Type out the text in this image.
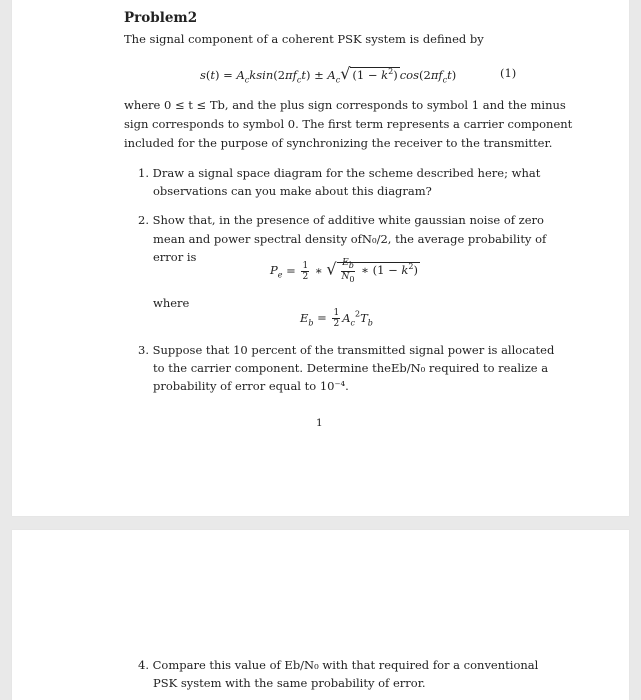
Problem2
The signal component of a coherent PSK system is defined by
$s(t) = A_cksin(2\pi f_ct) \pm A_c√$ $(1 - k^2)$ $\cos(2\pi f_ct)$	(1)
where 0 ≤ t ≤ Tb, and the plus sign corresponds to symbol 1 and the minus
sign corresponds to symbol 0. The first term represents a carrier component
included for the purpose of synchronizing the receiver to the transmitter.
1. Draw a signal space diagram for the scheme described here; what
observations can you make about this diagram?
2. Show that, in the presence of additive white gaussian noise of zero
mean and power spectral density ofN₀/2, the average probability of
error is
$P_e = \frac{1}{2}$ ∗ √ $\frac{E_b}{N_0}$ ∗ $(1 - k^2)$
where
$E_b = \frac{1}{2} A_c^2T_b$
3. Suppose that 10 percent of the transmitted signal power is allocated
to the carrier component. Determine theEb/N₀ required to realize a
probability of error equal to 10⁻⁴.
1
4. Compare this value of Eb/N₀ with that required for a conventional
PSK system with the same probability of error.
